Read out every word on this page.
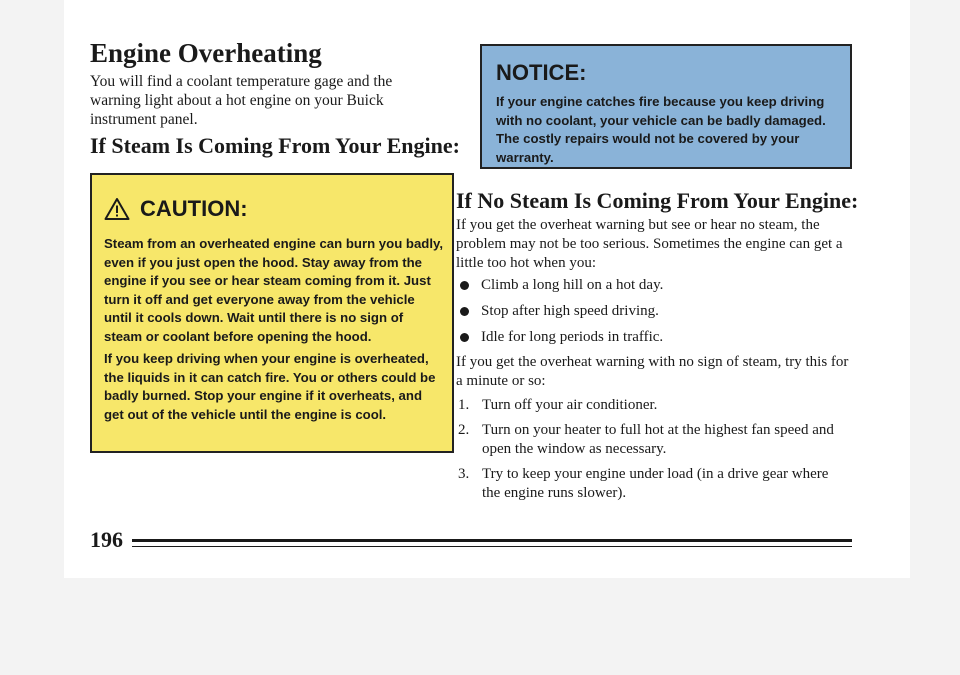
Engine Overheating

You will find a coolant temperature gage and the warning light about a hot engine on your Buick instrument panel.

If Steam Is Coming From Your Engine:
CAUTION:

Steam from an overheated engine can burn you badly, even if you just open the hood. Stay away from the engine if you see or hear steam coming from it. Just turn it off and get everyone away from the vehicle until it cools down. Wait until there is no sign of steam or coolant before opening the hood.

If you keep driving when your engine is overheated, the liquids in it can catch fire. You or others could be badly burned. Stop your engine if it overheats, and get out of the vehicle until the engine is cool.

NOTICE:
If your engine catches fire because you keep driving with no coolant, your vehicle can be badly damaged. The costly repairs would not be covered by your warranty.
If No Steam Is Coming From Your Engine:

If you get the overheat warning but see or hear no steam, the problem may not be too serious. Sometimes the engine can get a little too hot when you:

Climb a long hill on a hot day.
Stop after high speed driving.
Idle for long periods in traffic.

If you get the overheat warning with no sign of steam, try this for a minute or so:

1. Turn off your air conditioner.
2. Turn on your heater to full hot at the highest fan speed and open the window as necessary.
3. Try to keep your engine under load (in a drive gear where the engine runs slower).
196
